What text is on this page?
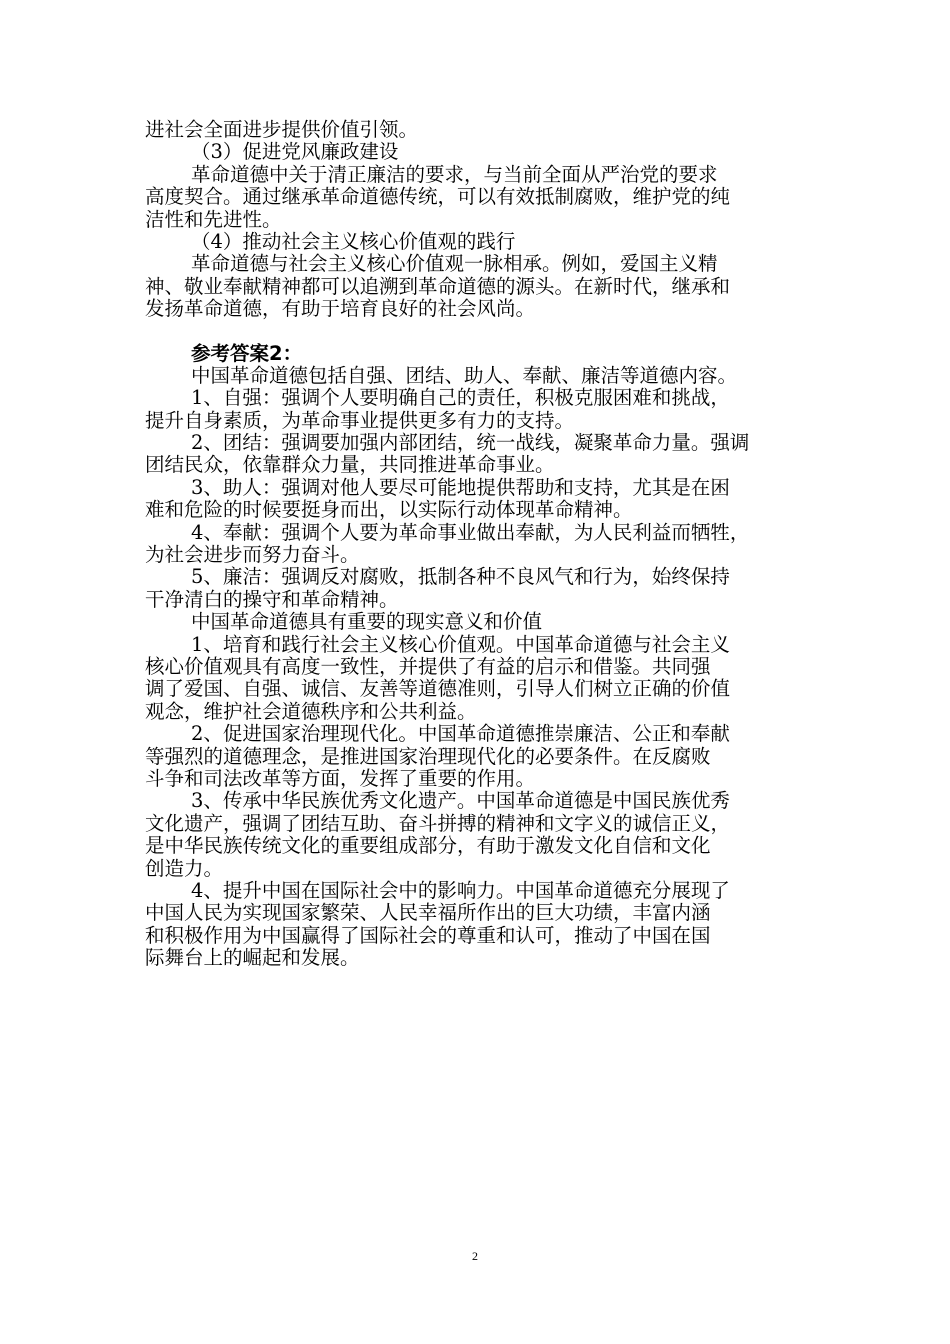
进社会全面进步提供价值引领。
（3）促进党风廉政建设
革命道德中关于清正廉洁的要求，与当前全面从严治党的要求
高度契合。通过继承革命道德传统，可以有效抵制腐败，维护党的纯
洁性和先进性。
（4）推动社会主义核心价值观的践行
革命道德与社会主义核心价值观一脉相承。例如，爱国主义精
神、敬业奉献精神都可以追溯到革命道德的源头。在新时代，继承和
发扬革命道德，有助于培育良好的社会风尚。
参考答案2：
中国革命道德包括自强、团结、助人、奉献、廉洁等道德内容。
1、自强：强调个人要明确自己的责任，积极克服困难和挑战，
提升自身素质，为革命事业提供更多有力的支持。
2、团结：强调要加强内部团结，统一战线，凝聚革命力量。强调
团结民众，依靠群众力量，共同推进革命事业。
3、助人：强调对他人要尽可能地提供帮助和支持，尤其是在困
难和危险的时候要挺身而出，以实际行动体现革命精神。
4、奉献：强调个人要为革命事业做出奉献，为人民利益而牺牲，
为社会进步而努力奋斗。
5、廉洁：强调反对腐败，抵制各种不良风气和行为，始终保持
干净清白的操守和革命精神。
中国革命道德具有重要的现实意义和价值
1、培育和践行社会主义核心价值观。中国革命道德与社会主义
核心价值观具有高度一致性，并提供了有益的启示和借鉴。共同强
调了爱国、自强、诚信、友善等道德准则，引导人们树立正确的价值
观念，维护社会道德秩序和公共利益。
2、促进国家治理现代化。中国革命道德推崇廉洁、公正和奉献
等强烈的道德理念，是推进国家治理现代化的必要条件。在反腐败
斗争和司法改革等方面，发挥了重要的作用。
3、传承中华民族优秀文化遗产。中国革命道德是中国民族优秀
文化遗产，强调了团结互助、奋斗拼搏的精神和文字义的诚信正义，
是中华民族传统文化的重要组成部分，有助于激发文化自信和文化
创造力。
4、提升中国在国际社会中的影响力。中国革命道德充分展现了
中国人民为实现国家繁荣、人民幸福所作出的巨大功绩，丰富内涵
和积极作用为中国赢得了国际社会的尊重和认可，推动了中国在国
际舞台上的崛起和发展。
2
